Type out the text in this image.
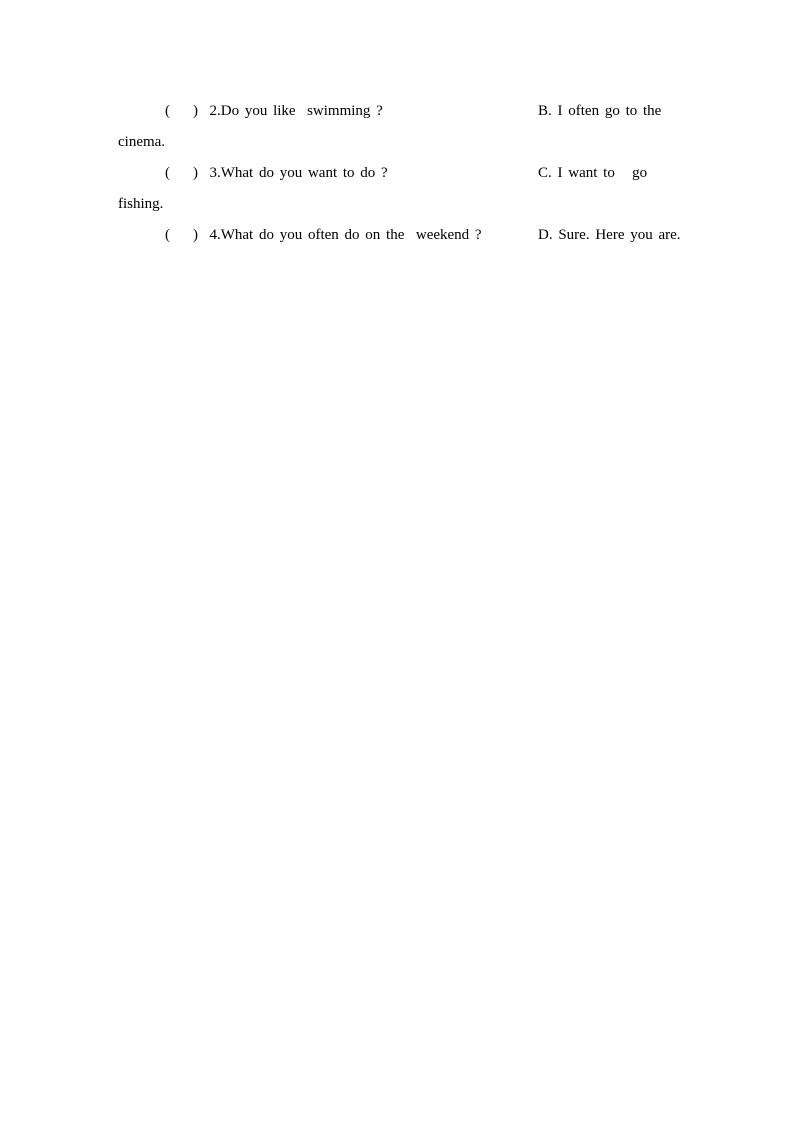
(    )  2.Do you like  swimming ?	B. I often go to the
cinema.
(    )  3.What do you want to do ?	C. I want to   go
fishing.
(    )  4.What do you often do on the  weekend ?	D. Sure. Here you are.
